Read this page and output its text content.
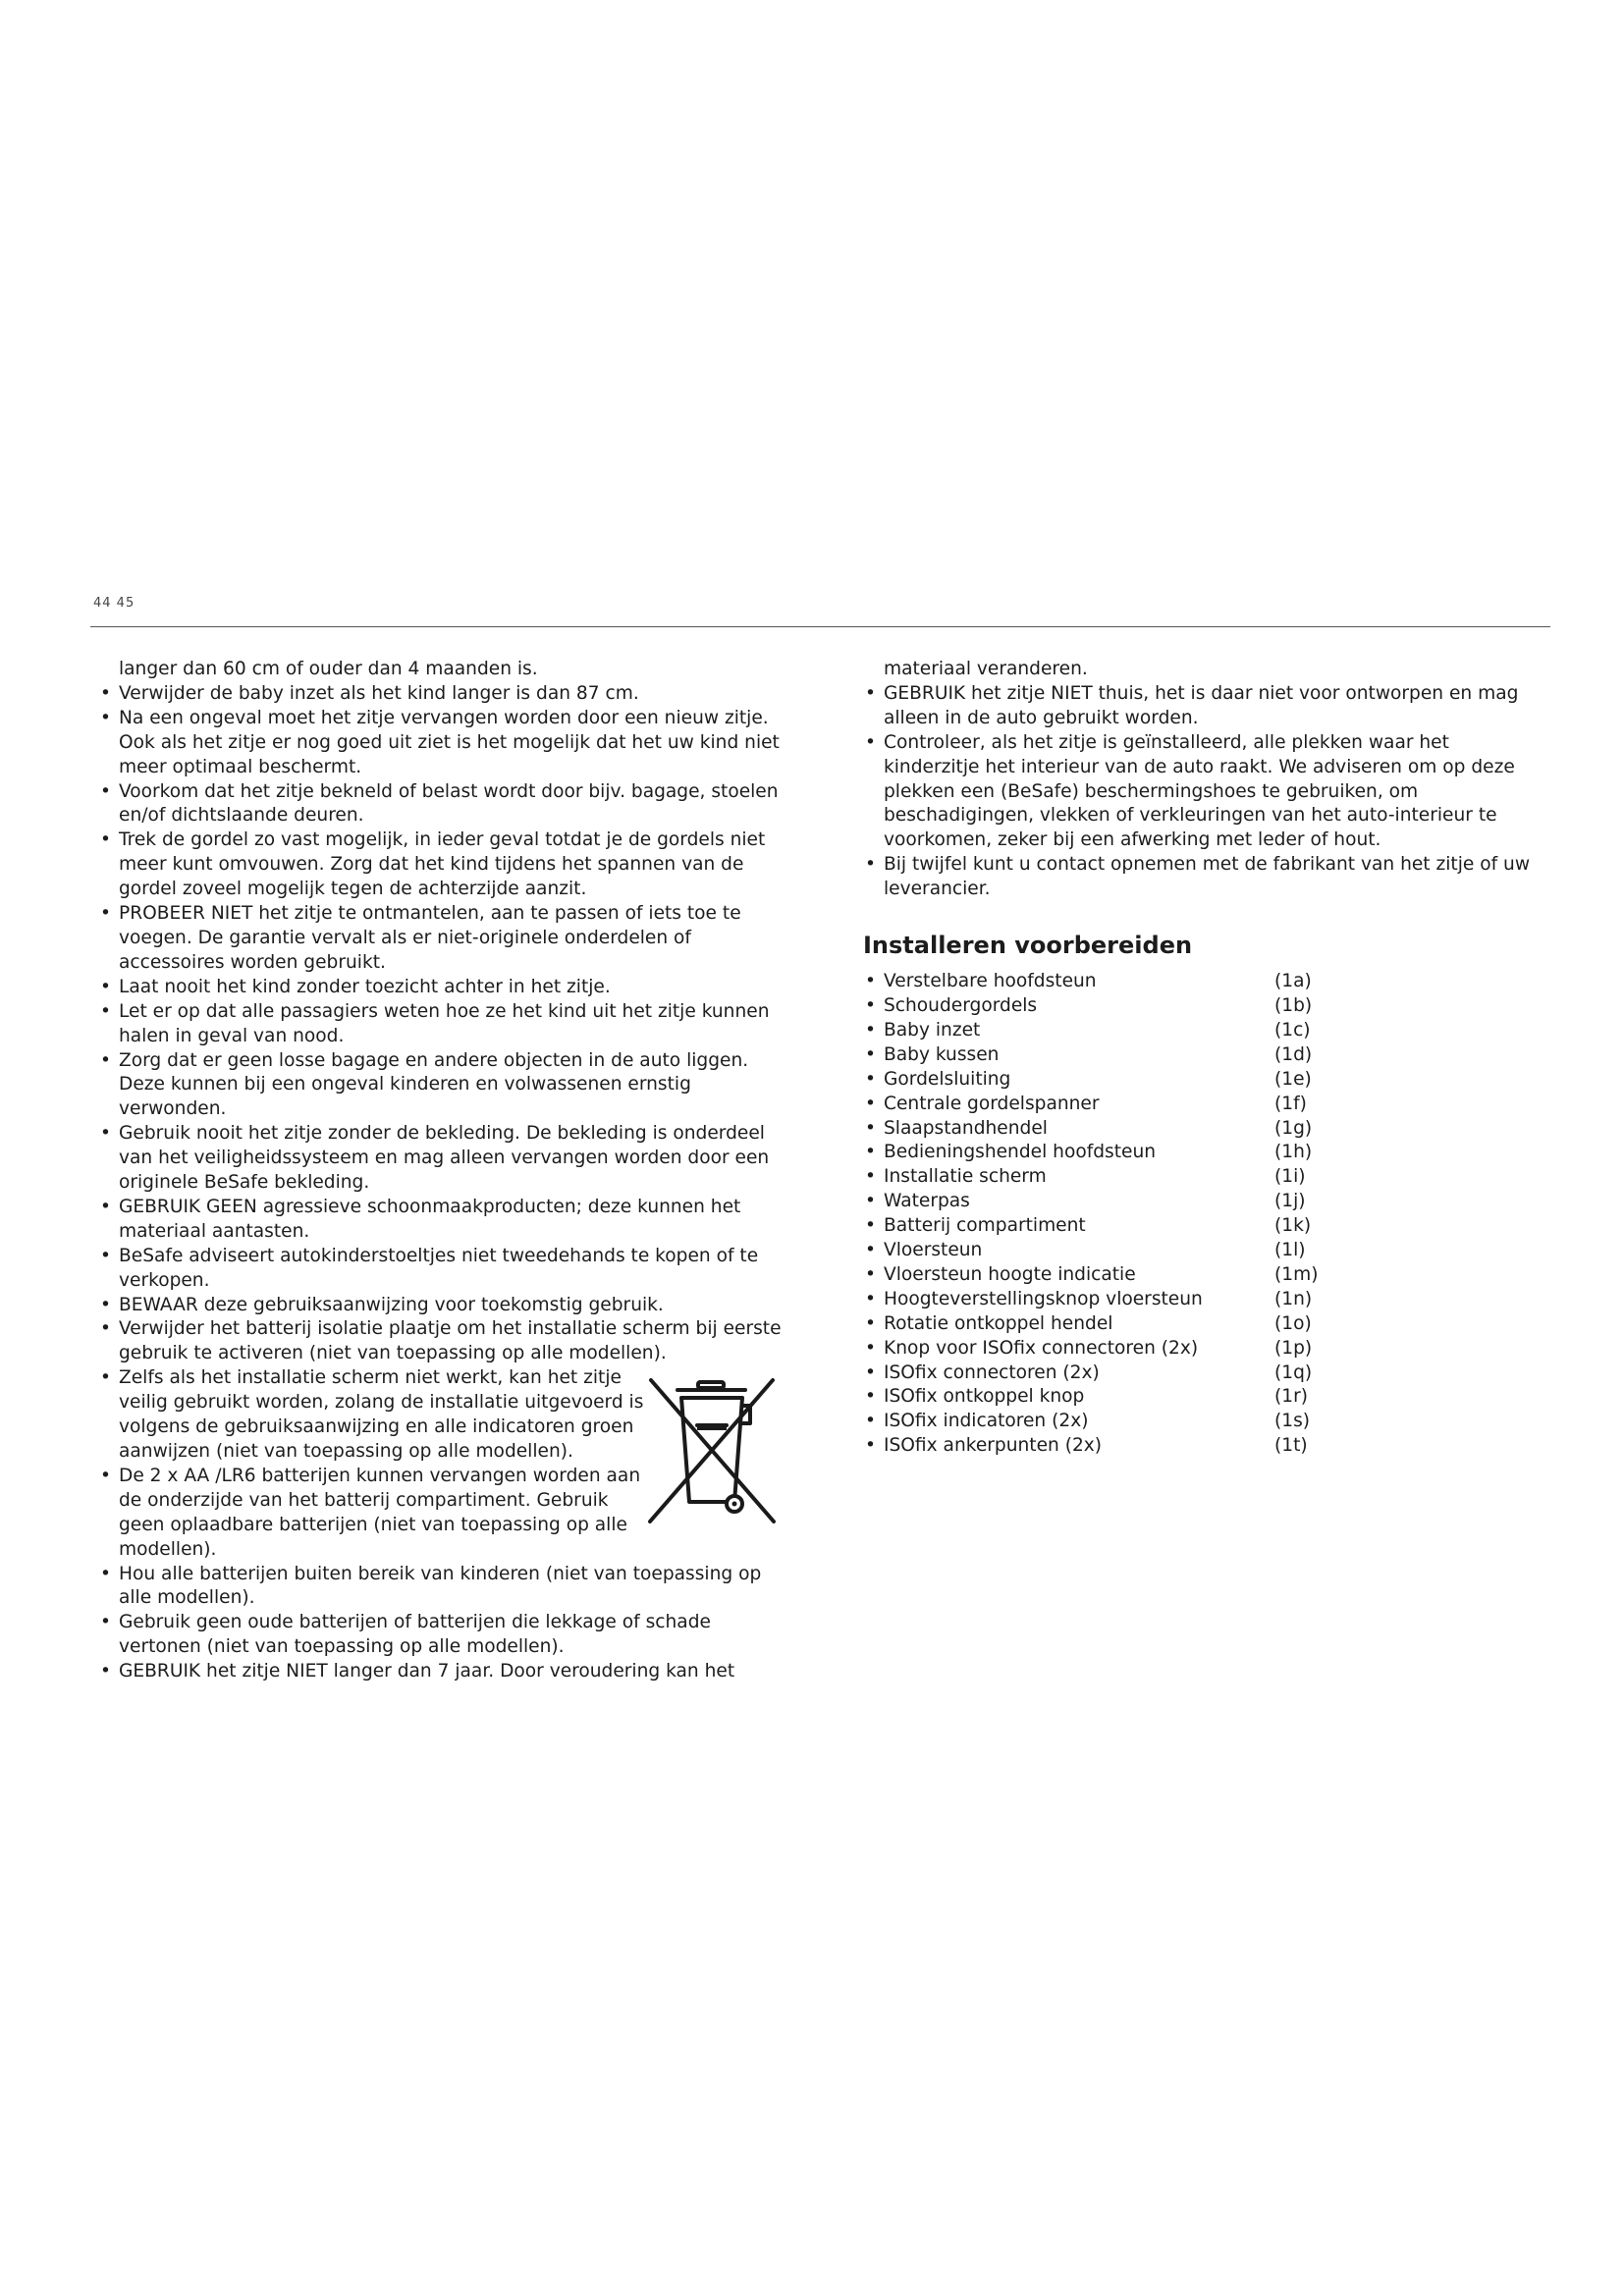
44 45
langer dan 60 cm of ouder dan 4 maanden is.
• Verwijder de baby inzet als het kind langer is dan 87 cm.
• Na een ongeval moet het zitje vervangen worden door een nieuw zitje. Ook als het zitje er nog goed uit ziet is het mogelijk dat het uw kind niet meer optimaal beschermt.
• Voorkom dat het zitje bekneld of belast wordt door bijv. bagage, stoelen en/of dichtslaande deuren.
• Trek de gordel zo vast mogelijk, in ieder geval totdat je de gordels niet meer kunt omvouwen. Zorg dat het kind tijdens het spannen van de gordel zoveel mogelijk tegen de achterzijde aanzit.
• PROBEER NIET het zitje te ontmantelen, aan te passen of iets toe te voegen. De garantie vervalt als er niet-originele onderdelen of accessoires worden gebruikt.
• Laat nooit het kind zonder toezicht achter in het zitje.
• Let er op dat alle passagiers weten hoe ze het kind uit het zitje kunnen halen in geval van nood.
• Zorg dat er geen losse bagage en andere objecten in de auto liggen. Deze kunnen bij een ongeval kinderen en volwassenen ernstig verwonden.
• Gebruik nooit het zitje zonder de bekleding. De bekleding is onderdeel van het veiligheidssysteem en mag alleen vervangen worden door een originele BeSafe bekleding.
• GEBRUIK GEEN agressieve schoonmaakproducten; deze kunnen het materiaal aantasten.
• BeSafe adviseert autokinderstoeltjes niet tweedehands te kopen of te verkopen.
• BEWAAR deze gebruiksaanwijzing voor toekomstig gebruik.
• Verwijder het batterij isolatie plaatje om het installatie scherm bij eerste gebruik te activeren (niet van toepassing op alle modellen).
• Zelfs als het installatie scherm niet werkt, kan het zitje veilig gebruikt worden, zolang de installatie uitgevoerd is volgens de gebruiksaanwijzing en alle indicatoren groen aanwijzen (niet van toepassing op alle modellen).
• De 2 x AA /LR6 batterijen kunnen vervangen worden aan de onderzijde van het batterij compartiment. Gebruik geen oplaadbare batterijen (niet van toepassing op alle modellen).
• Hou alle batterijen buiten bereik van kinderen (niet van toepassing op alle modellen).
• Gebruik geen oude batterijen of batterijen die lekkage of schade vertonen (niet van toepassing op alle modellen).
• GEBRUIK het zitje NIET langer dan 7 jaar. Door veroudering kan het
materiaal veranderen.
• GEBRUIK het zitje NIET thuis, het is daar niet voor ontworpen en mag alleen in de auto gebruikt worden.
• Controleer, als het zitje is geïnstalleerd, alle plekken waar het kinderzitje het interieur van de auto raakt. We adviseren om op deze plekken een (BeSafe) beschermingshoes te gebruiken, om beschadigingen, vlekken of verkleuringen van het auto-interieur te voorkomen, zeker bij een afwerking met leder of hout.
• Bij twijfel kunt u contact opnemen met de fabrikant van het zitje of uw leverancier.
Installeren voorbereiden
• Verstelbare hoofdsteun	(1a)
• Schoudergordels	(1b)
• Baby inzet	(1c)
• Baby kussen	(1d)
• Gordelsluiting	(1e)
• Centrale gordelspanner	(1f)
• Slaapstandhendel	(1g)
• Bedieningshendel hoofdsteun	(1h)
• Installatie scherm	(1i)
• Waterpas	(1j)
• Batterij compartiment	(1k)
• Vloersteun	(1l)
• Vloersteun hoogte indicatie	(1m)
• Hoogteverstellingsknop vloersteun	(1n)
• Rotatie ontkoppel hendel	(1o)
• Knop voor ISOfix connectoren (2x)	(1p)
• ISOfix connectoren (2x)	(1q)
• ISOfix ontkoppel knop	(1r)
• ISOfix indicatoren (2x)	(1s)
• ISOfix ankerpunten (2x)	(1t)
